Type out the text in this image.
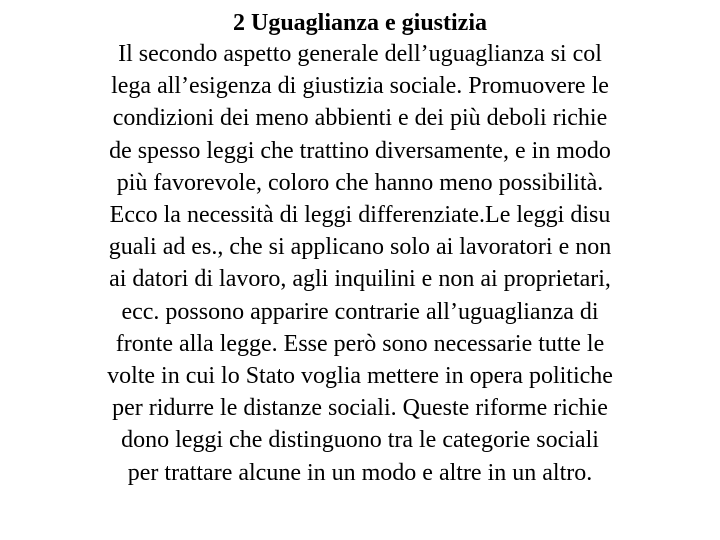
2 Uguaglianza e giustizia
Il secondo aspetto generale dell’uguaglianza si col
lega all’esigenza di giustizia sociale. Promuovere le
condizioni dei meno abbienti e dei più deboli richie
de spesso leggi che trattino diversamente, e in modo
più favorevole, coloro che hanno meno possibilità.
Ecco la necessità di leggi differenziate.Le leggi disu
guali ad es., che si applicano solo ai lavoratori e non
ai datori di lavoro, agli inquilini e non ai proprietari,
ecc. possono apparire contrarie all’uguaglianza di
fronte alla legge. Esse però sono necessarie tutte le
volte in cui lo Stato voglia mettere in opera politiche
per ridurre le distanze sociali. Queste riforme richie
dono leggi che distinguono tra le categorie sociali
per trattare alcune in un modo e altre in un altro.
